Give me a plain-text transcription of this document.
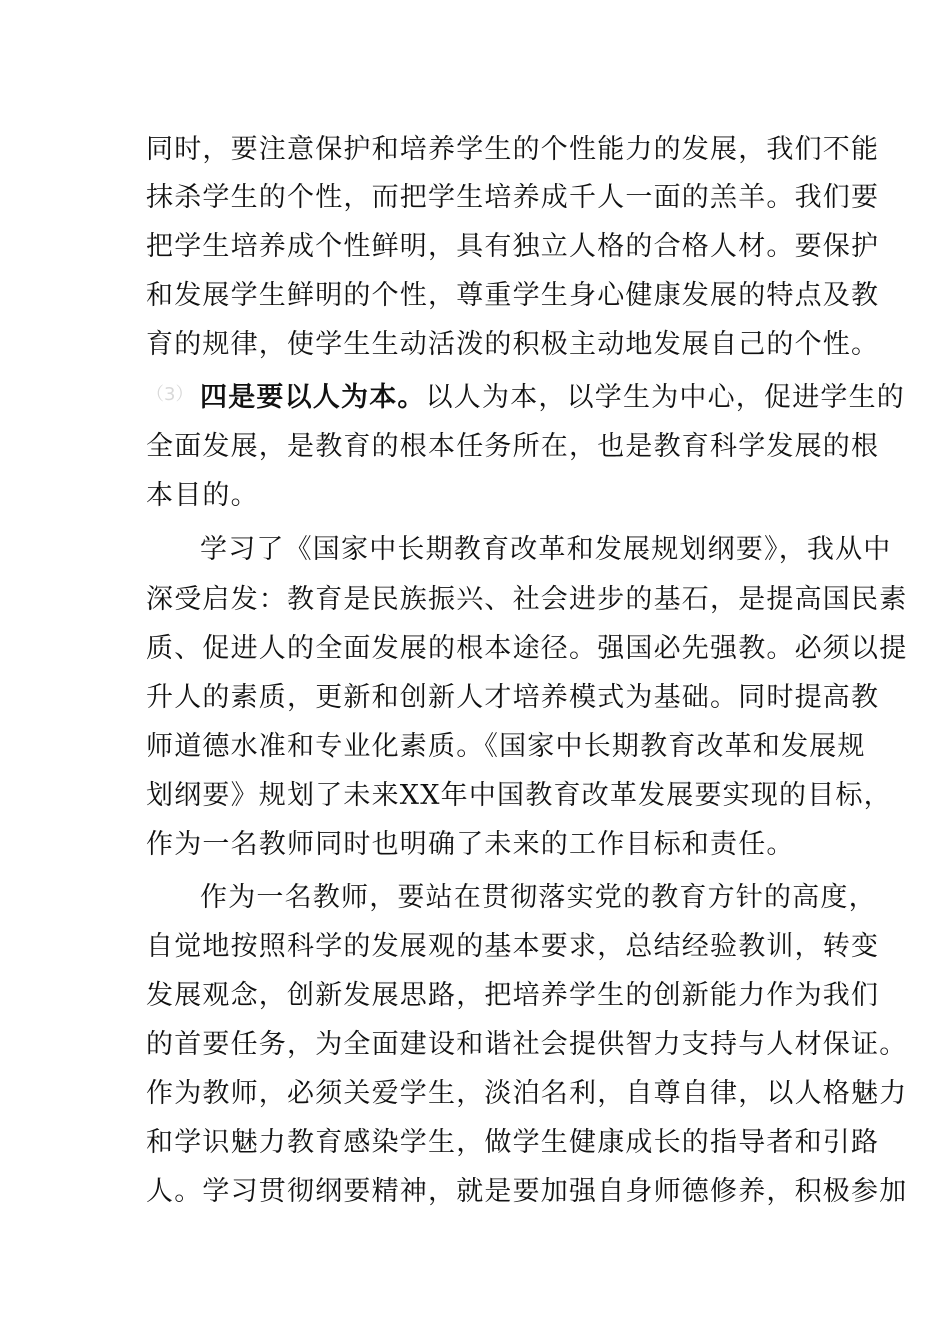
同时，要注意保护和培养学生的个性能力的发展，我们不能
抹杀学生的个性，而把学生培养成千人一面的羔羊。我们要
把学生培养成个性鲜明，具有独立人格的合格人材。要保护
和发展学生鲜明的个性，尊重学生身心健康发展的特点及教
育的规律，使学生生动活泼的积极主动地发展自己的个性。
（3） 四是要以人为本。以人为本，以学生为中心，促进学生的
全面发展，是教育的根本任务所在，也是教育科学发展的根
本目的。
学习了《国家中长期教育改革和发展规划纲要》，我从中
深受启发：教育是民族振兴、社会进步的基石，是提高国民素
质、促进人的全面发展的根本途径。强国必先强教。必须以提
升人的素质，更新和创新人才培养模式为基础。同时提高教
师道德水准和专业化素质。《国家中长期教育改革和发展规
划纲要》规划了未来XX年中国教育改革发展要实现的目标，
作为一名教师同时也明确了未来的工作目标和责任。
作为一名教师，要站在贯彻落实党的教育方针的高度，
自觉地按照科学的发展观的基本要求，总结经验教训，转变
发展观念，创新发展思路，把培养学生的创新能力作为我们
的首要任务，为全面建设和谐社会提供智力支持与人材保证。
作为教师，必须关爱学生，淡泊名利，自尊自律，以人格魅力
和学识魅力教育感染学生，做学生健康成长的指导者和引路
人。学习贯彻纲要精神，就是要加强自身师德修养，积极参加
